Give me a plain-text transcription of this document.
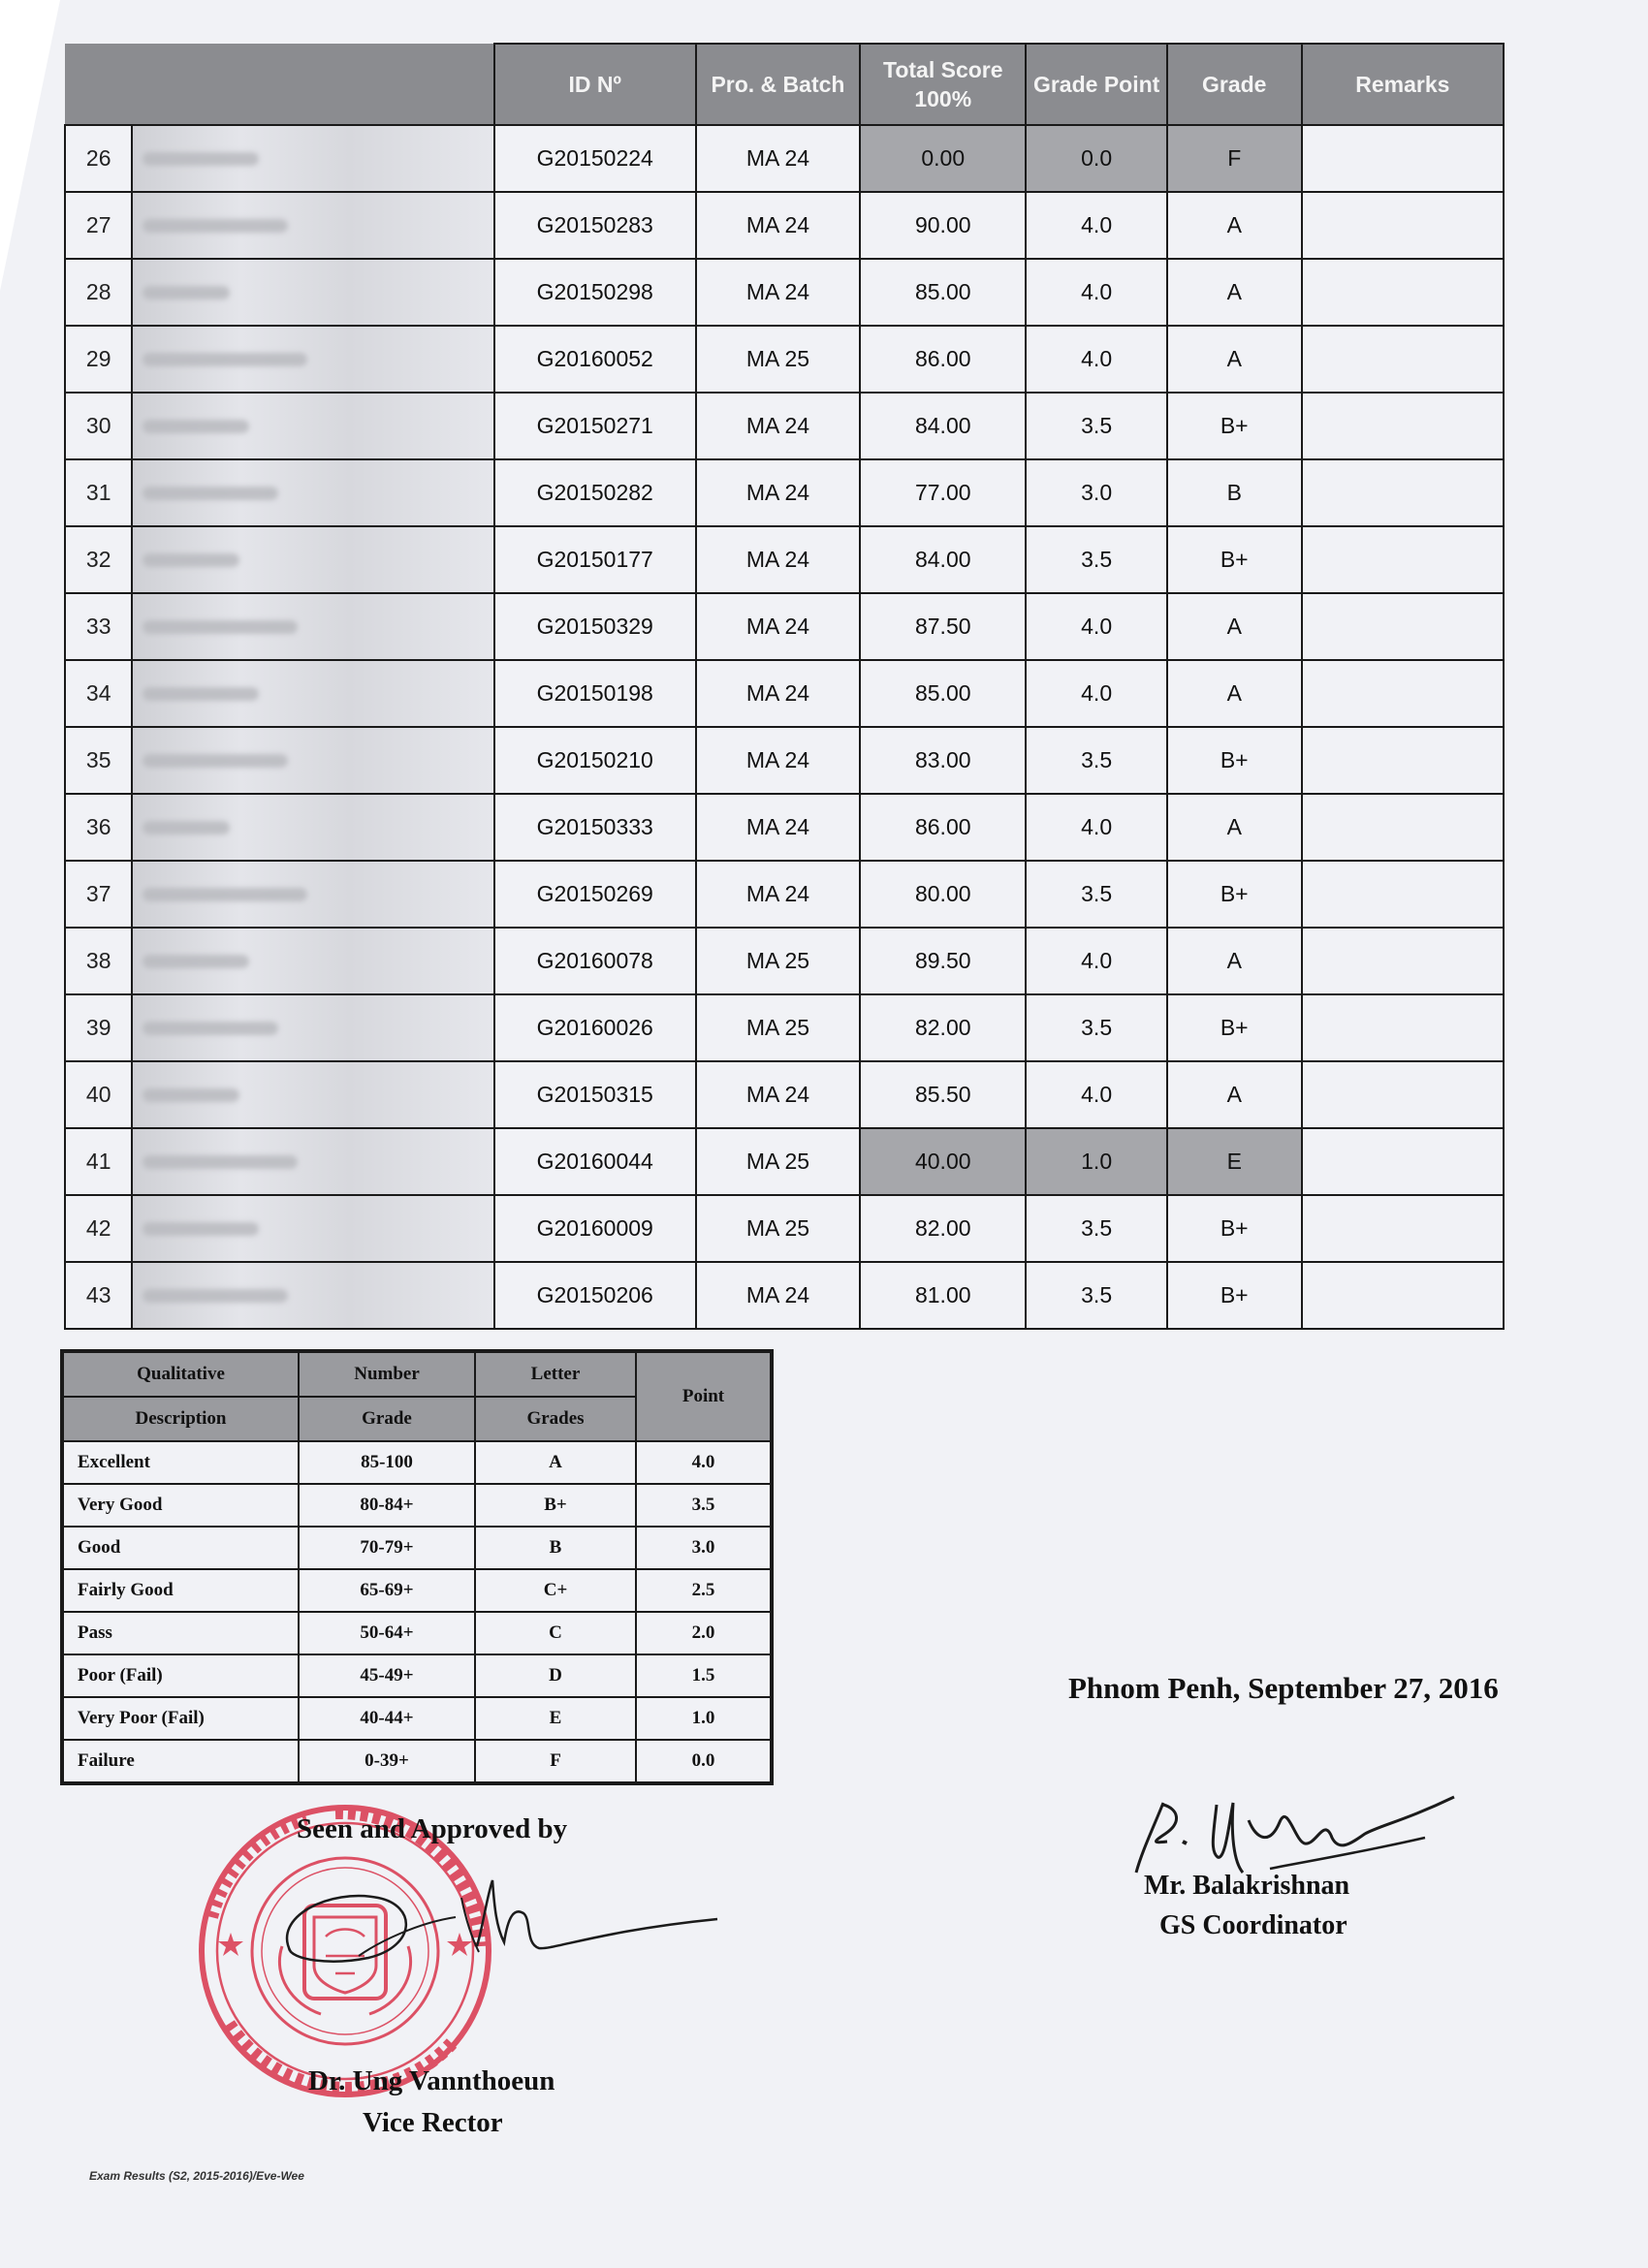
		ID Nº	Pro. & Batch	Total Score 100%	Grade Point	Grade	Remarks
26			G20150224	MA 24	0.00	0.0	F	
27			G20150283	MA 24	90.00	4.0	A	
28			G20150298	MA 24	85.00	4.0	A	
29			G20160052	MA 25	86.00	4.0	A	
30			G20150271	MA 24	84.00	3.5	B+	
31			G20150282	MA 24	77.00	3.0	B	
32			G20150177	MA 24	84.00	3.5	B+	
33			G20150329	MA 24	87.50	4.0	A	
34			G20150198	MA 24	85.00	4.0	A	
35			G20150210	MA 24	83.00	3.5	B+	
36			G20150333	MA 24	86.00	4.0	A	
37			G20150269	MA 24	80.00	3.5	B+	
38			G20160078	MA 25	89.50	4.0	A	
39			G20160026	MA 25	82.00	3.5	B+	
40			G20150315	MA 24	85.50	4.0	A	
41			G20160044	MA 25	40.00	1.0	E	
42			G20160009	MA 25	82.00	3.5	B+	
43			G20150206	MA 24	81.00	3.5	B+	
Qualitative	Number	Letter	Point
Description	Grade	Grades	
Excellent	85-100	A	4.0
Very Good	80-84+	B+	3.5
Good	70-79+	B	3.0
Fairly Good	65-69+	C+	2.5
Pass	50-64+	C	2.0
Poor (Fail)	45-49+	D	1.5
Very Poor (Fail)	40-44+	E	1.0
Failure	0-39+	F	0.0
Phnom Penh, September 27, 2016
Mr. Balakrishnan
GS Coordinator
Seen and Approved by
Dr. Ung Vannthoeun
Vice Rector
Exam Results (S2, 2015-2016)/Eve-Wee
